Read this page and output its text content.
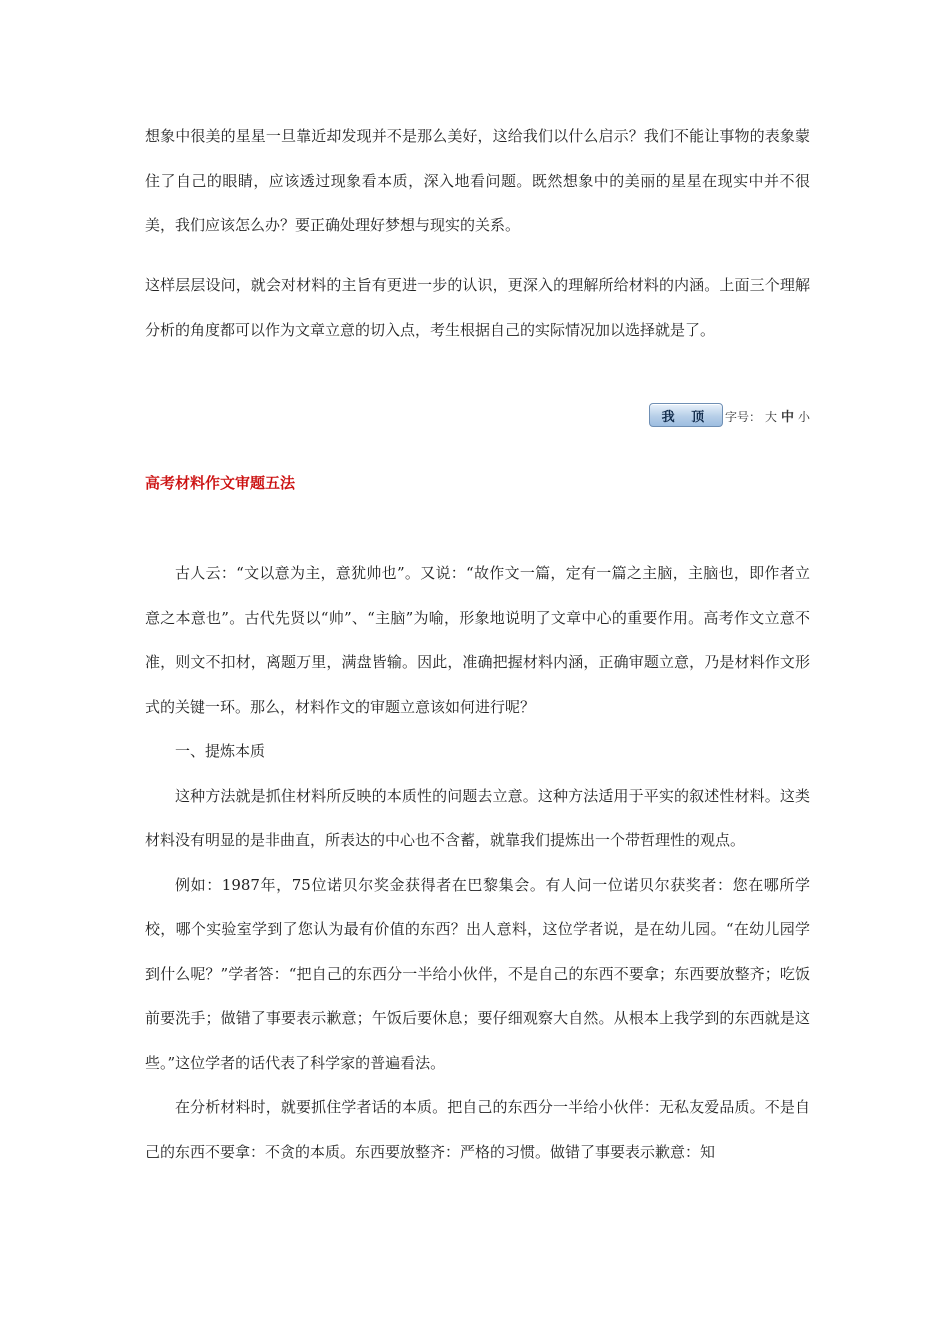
想象中很美的星星一旦靠近却发现并不是那么美好，这给我们以什么启示？我们不能让事物的表象蒙住了自己的眼睛，应该透过现象看本质，深入地看问题。既然想象中的美丽的星星在现实中并不很美，我们应该怎么办？要正确处理好梦想与现实的关系。

这样层层设问，就会对材料的主旨有更进一步的认识，更深入的理解所给材料的内涵。上面三个理解分析的角度都可以作为文章立意的切入点，考生根据自己的实际情况加以选择就是了。

我 顶	字号： 大 中 小
高考材料作文审题五法

古人云：“文以意为主，意犹帅也”。又说：“故作文一篇，定有一篇之主脑，主脑也，即作者立意之本意也”。古代先贤以“帅”、“主脑”为喻，形象地说明了文章中心的重要作用。高考作文立意不准，则文不扣材，离题万里，满盘皆输。因此，准确把握材料内涵，正确审题立意，乃是材料作文形式的关键一环。那么，材料作文的审题立意该如何进行呢？

一、提炼本质

这种方法就是抓住材料所反映的本质性的问题去立意。这种方法适用于平实的叙述性材料。这类材料没有明显的是非曲直，所表达的中心也不含蓄，就靠我们提炼出一个带哲理性的观点。

例如：1987年，75位诺贝尔奖金获得者在巴黎集会。有人问一位诺贝尔获奖者：您在哪所学校，哪个实验室学到了您认为最有价值的东西？出人意料，这位学者说，是在幼儿园。“在幼儿园学到什么呢？”学者答：“把自己的东西分一半给小伙伴，不是自己的东西不要拿；东西要放整齐；吃饭前要洗手；做错了事要表示歉意；午饭后要休息；要仔细观察大自然。从根本上我学到的东西就是这些。”这位学者的话代表了科学家的普遍看法。

在分析材料时，就要抓住学者话的本质。把自己的东西分一半给小伙伴：无私友爱品质。不是自己的东西不要拿：不贪的本质。东西要放整齐：严格的习惯。做错了事要表示歉意：知
